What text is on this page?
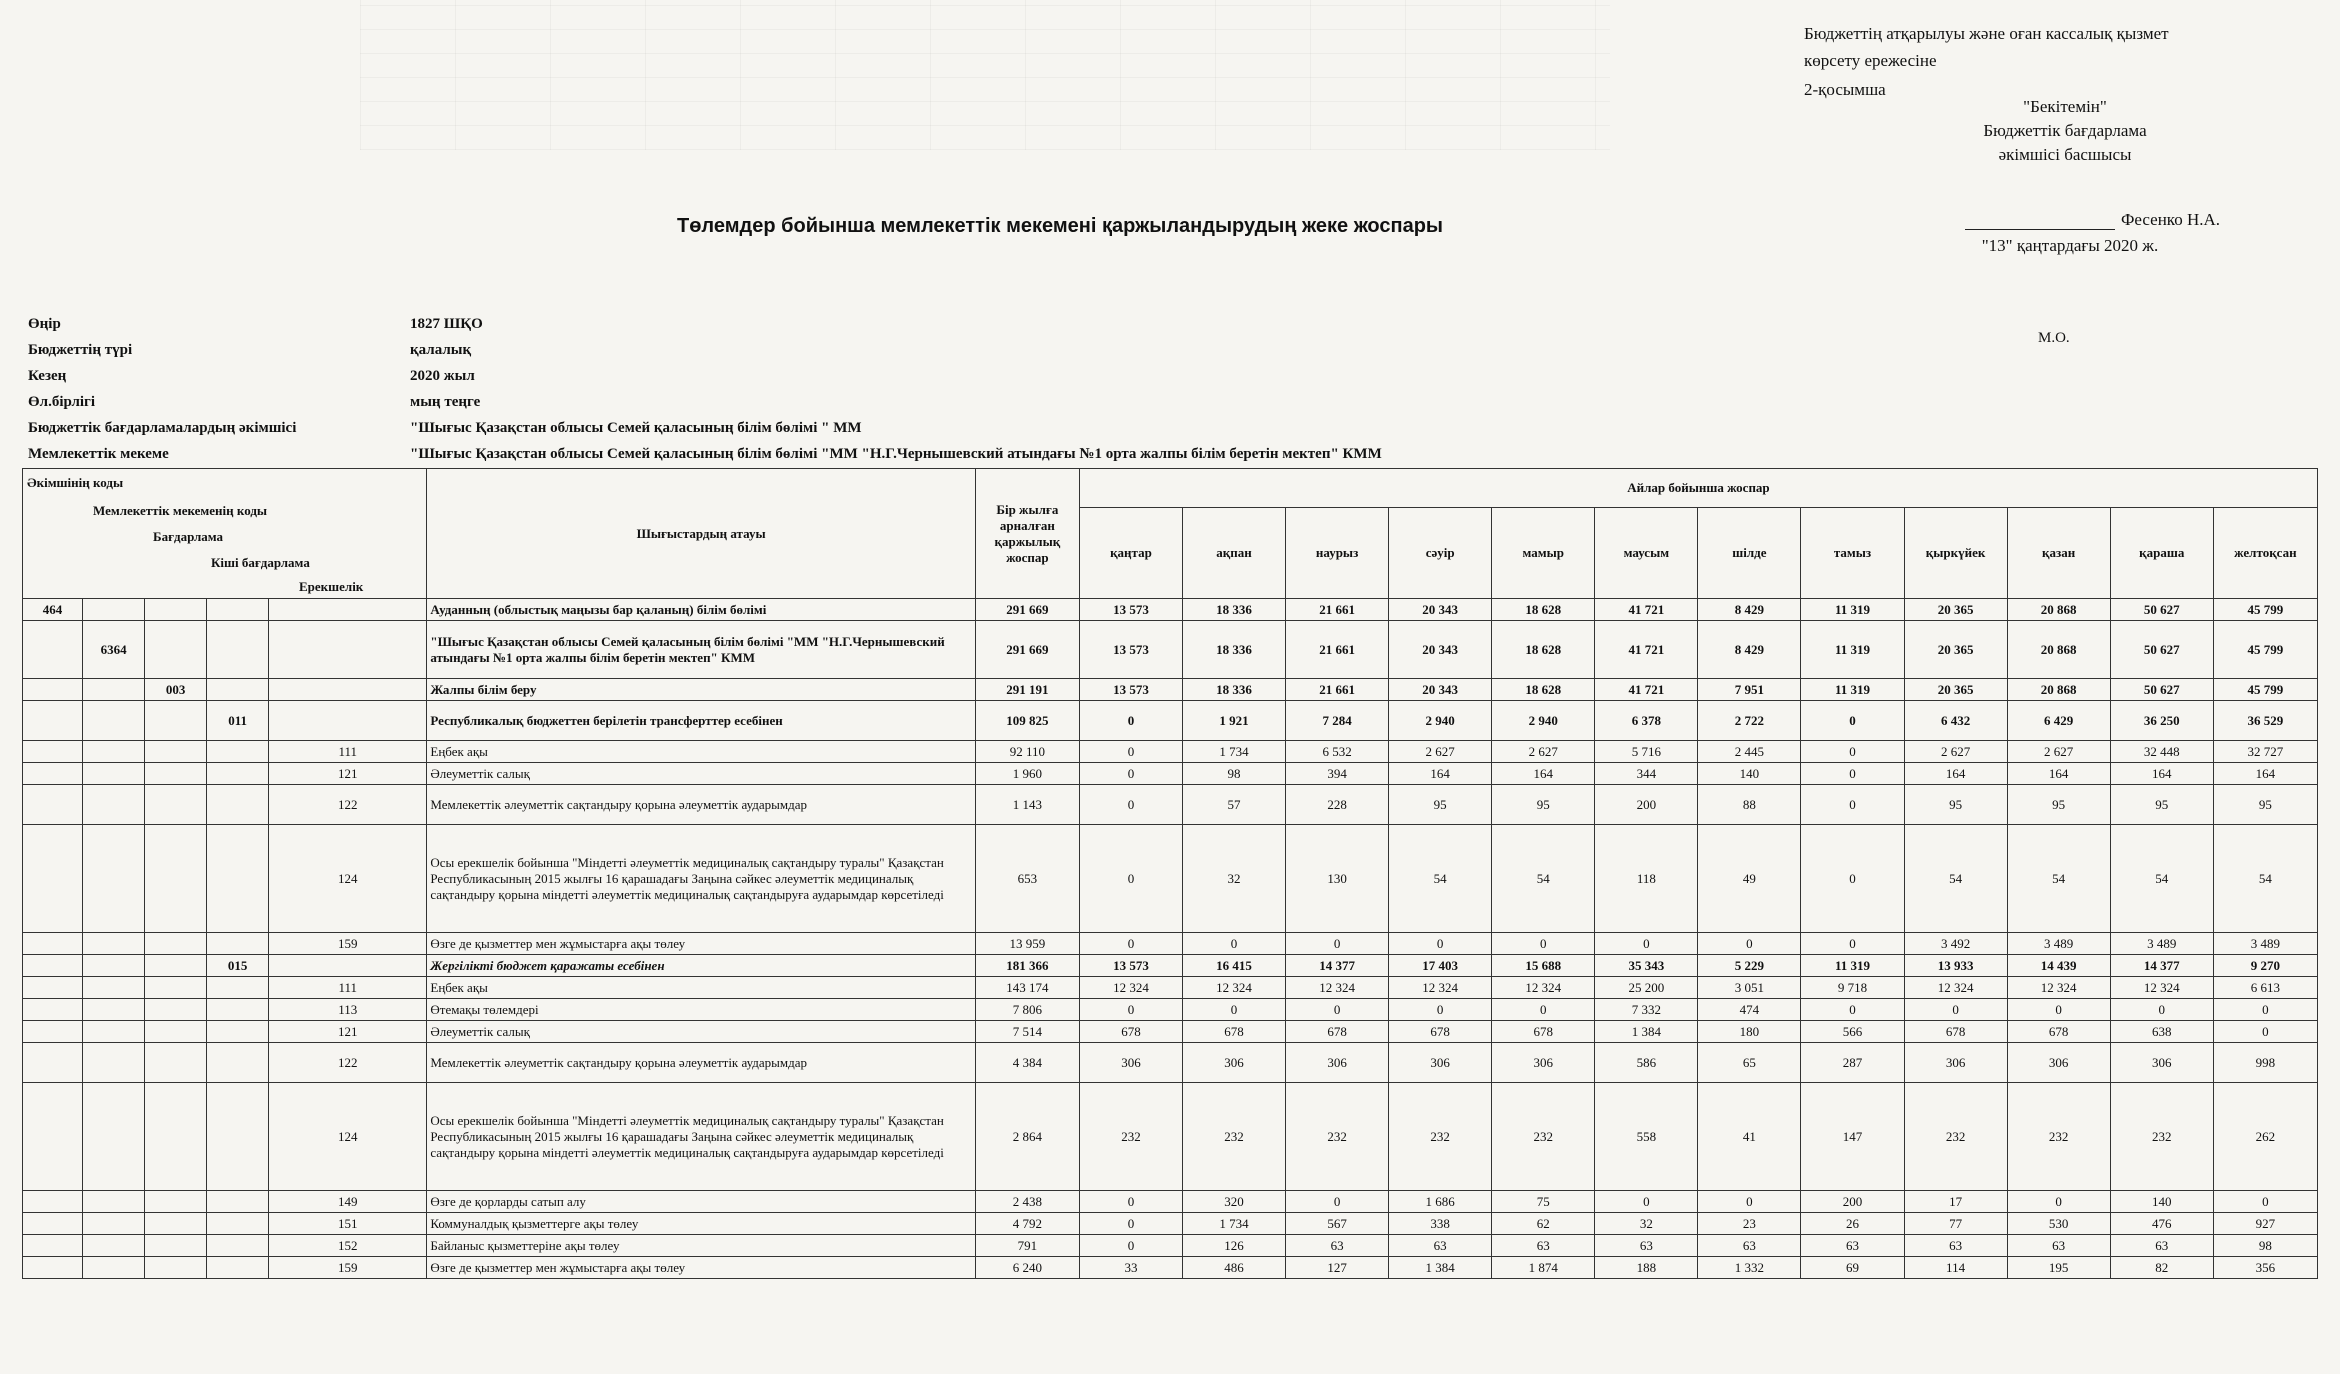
Бюджеттің атқарылуы және оған кассалық қызмет
көрсету ережесіне
2-қосымша
"Бекітемін"
Бюджеттік бағдарлама
әкімшісі басшысы
Фесенко Н.А.
"13" қаңтардағы 2020 ж.
Төлемдер бойынша мемлекеттік мекемені қаржыландырудың жеке жоспары
М.О.
Өңір	1827 ШҚО
Бюджеттің түрі	қалалық
Кезең	2020 жыл
Өл.бірлігі	мың теңге
Бюджеттік бағдарламалардың әкімшісі	"Шығыс Қазақстан облысы Семей қаласының білім бөлімі " ММ
Мемлекеттік мекеме	"Шығыс Қазақстан облысы Семей қаласының білім бөлімі "ММ "Н.Г.Чернышевский атындағы №1 орта жалпы білім беретін мектеп" КММ
Әкімшінің коды
Мемлекеттік мекеменің коды
Бағдарлама
Кіші бағдарлама
Ерекшелік					Шығыстардың атауы	Бір жылға арналған қаржылық жоспар	Айлар бойынша жоспар											
							қаңтар	ақпан	наурыз	сәуір	мамыр	маусым	шілде	тамыз	қыркүйек	қазан	қараша	желтоқсан
464					Ауданның (облыстық маңызы бар қаланың) білім бөлімі	291 669	13 573	18 336	21 661	20 343	18 628	41 721	8 429	11 319	20 365	20 868	50 627	45 799
	6364				"Шығыс Қазақстан облысы Семей қаласының білім бөлімі "ММ "Н.Г.Чернышевский атындағы №1 орта жалпы білім беретін мектеп" КММ	291 669	13 573	18 336	21 661	20 343	18 628	41 721	8 429	11 319	20 365	20 868	50 627	45 799
		003			Жалпы білім беру	291 191	13 573	18 336	21 661	20 343	18 628	41 721	7 951	11 319	20 365	20 868	50 627	45 799
			011		Республикалық бюджеттен берілетін трансферттер есебінен	109 825	0	1 921	7 284	2 940	2 940	6 378	2 722	0	6 432	6 429	36 250	36 529
				111	Еңбек ақы	92 110	0	1 734	6 532	2 627	2 627	5 716	2 445	0	2 627	2 627	32 448	32 727
				121	Әлеуметтік салық	1 960	0	98	394	164	164	344	140	0	164	164	164	164
				122	Мемлекеттік әлеуметтік сақтандыру қорына әлеуметтік аударымдар	1 143	0	57	228	95	95	200	88	0	95	95	95	95
				124	Осы ерекшелік бойынша "Міндетті әлеуметтік медициналық сақтандыру туралы" Қазақстан Республикасының 2015 жылғы 16 қарашадағы Заңына сәйкес әлеуметтік медициналық сақтандыру қорына міндетті әлеуметтік медициналық сақтандыруға аударымдар көрсетіледі	653	0	32	130	54	54	118	49	0	54	54	54	54
				159	Өзге де қызметтер мен жұмыстарға ақы төлеу	13 959	0	0	0	0	0	0	0	0	3 492	3 489	3 489	3 489
			015		Жергілікті бюджет қаражаты есебінен	181 366	13 573	16 415	14 377	17 403	15 688	35 343	5 229	11 319	13 933	14 439	14 377	9 270
				111	Еңбек ақы	143 174	12 324	12 324	12 324	12 324	12 324	25 200	3 051	9 718	12 324	12 324	12 324	6 613
				113	Өтемақы төлемдері	7 806	0	0	0	0	0	7 332	474	0	0	0	0	0
				121	Әлеуметтік салық	7 514	678	678	678	678	678	1 384	180	566	678	678	638	0
				122	Мемлекеттік әлеуметтік сақтандыру қорына әлеуметтік аударымдар	4 384	306	306	306	306	306	586	65	287	306	306	306	998
				124	Осы ерекшелік бойынша "Міндетті әлеуметтік медициналық сақтандыру туралы" Қазақстан Республикасының 2015 жылғы 16 қарашадағы Заңына сәйкес әлеуметтік медициналық сақтандыру қорына міндетті әлеуметтік медициналық сақтандыруға аударымдар көрсетіледі	2 864	232	232	232	232	232	558	41	147	232	232	232	262
				149	Өзге де қорларды сатып алу	2 438	0	320	0	1 686	75	0	0	200	17	0	140	0
				151	Коммуналдық қызметтерге ақы төлеу	4 792	0	1 734	567	338	62	32	23	26	77	530	476	927
				152	Байланыс қызметтеріне ақы төлеу	791	0	126	63	63	63	63	63	63	63	63	63	98
				159	Өзге де қызметтер мен жұмыстарға ақы төлеу	6 240	33	486	127	1 384	1 874	188	1 332	69	114	195	82	356
